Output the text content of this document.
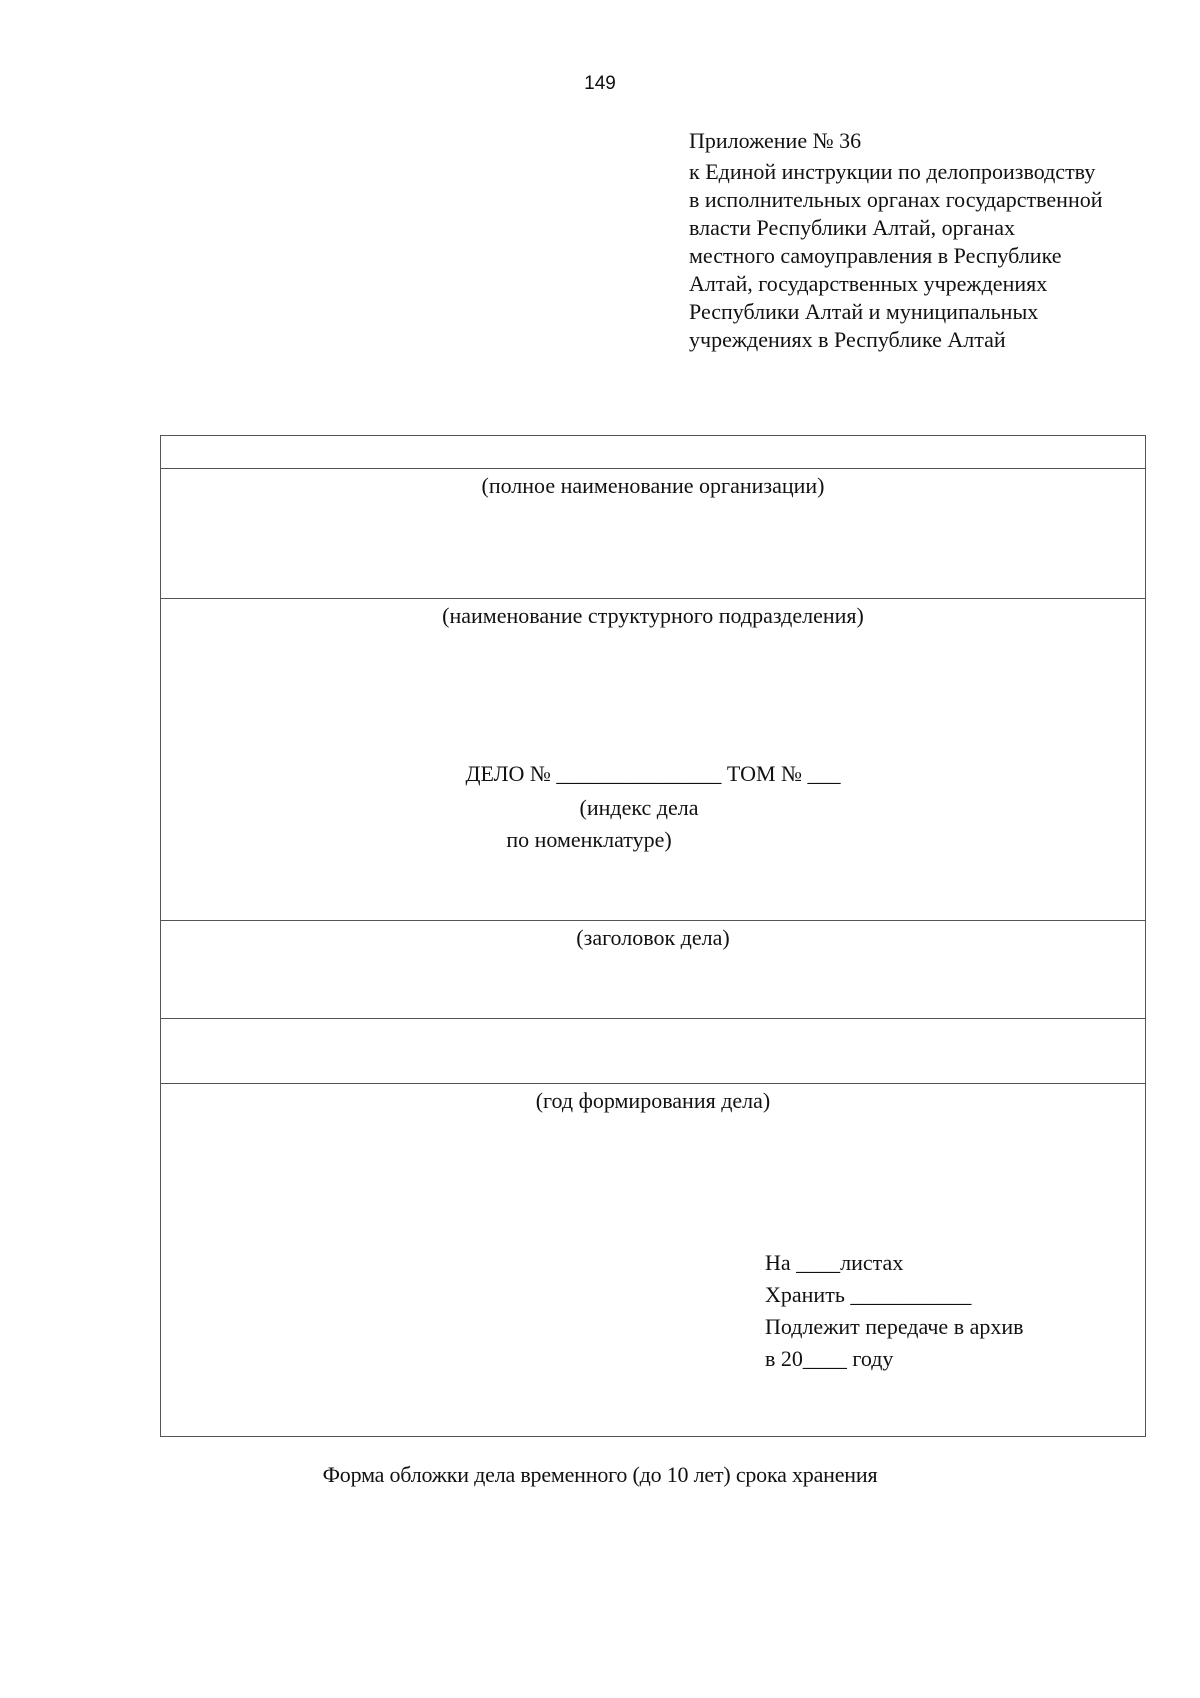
149
Приложение № 36
к Единой инструкции по делопроизводству
в исполнительных органах государственной
власти Республики Алтай, органах
местного самоуправления в Республике
Алтай, государственных учреждениях
Республики Алтай и муниципальных
учреждениях в Республике Алтай
(полное наименование организации)
(наименование структурного подразделения)
ДЕЛО № _______________ ТОМ № ___
(индекс дела
по номенклатуре)
(заголовок дела)
(год формирования дела)
На ____листах
Хранить ___________
Подлежит передаче в архив
в 20____ году
Форма обложки дела временного (до 10 лет) срока хранения
